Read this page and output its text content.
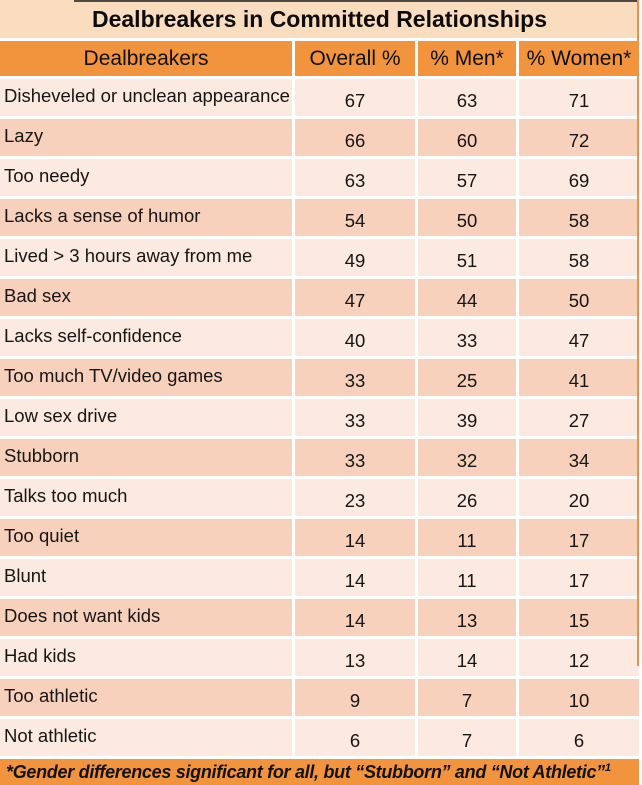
Dealbreakers in Committed Relationships
Dealbreakers	Overall %	% Men*	% Women*
Disheveled or unclean appearance	67	63	71
Lazy	66	60	72
Too needy	63	57	69
Lacks a sense of humor	54	50	58
Lived > 3 hours away from me	49	51	58
Bad sex	47	44	50
Lacks self-confidence	40	33	47
Too much TV/video games	33	25	41
Low sex drive	33	39	27
Stubborn	33	32	34
Talks too much	23	26	20
Too quiet	14	11	17
Blunt	14	11	17
Does not want kids	14	13	15
Had kids	13	14	12
Too athletic	9	7	10
Not athletic	6	7	6
*Gender differences significant for all, but “Stubborn” and “Not Athletic”$^1$
